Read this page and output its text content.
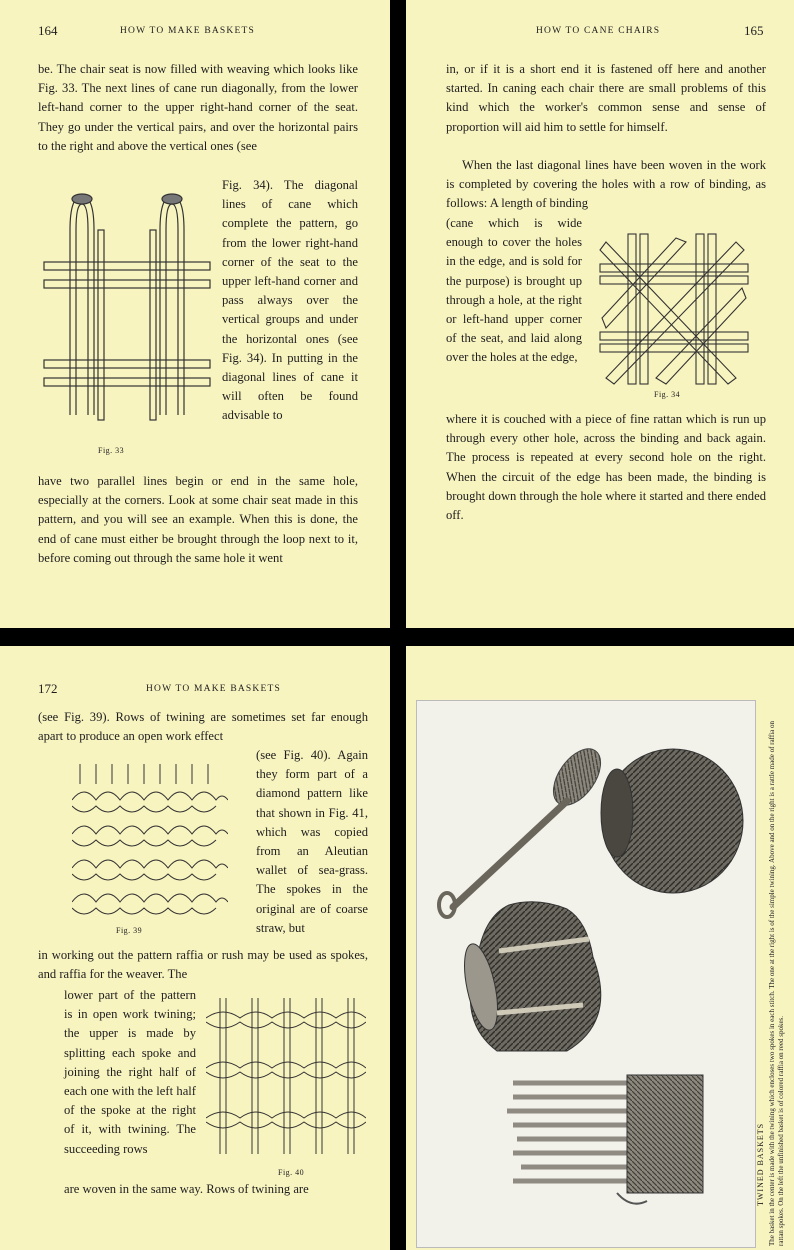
164	HOW TO MAKE BASKETS
be. The chair seat is now filled with weaving which looks like Fig. 33. The next lines of cane run diagonally, from the lower left-hand corner to the upper right-hand corner of the seat. They go under the vertical pairs, and over the horizontal pairs to the right and above the vertical ones (see
Fig. 34). The diagonal lines of cane which complete the pattern, go from the lower right-hand corner of the seat to the upper left-hand corner and pass always over the vertical groups and under the horizontal ones (see Fig. 34). In putting in the diagonal lines of cane it will often be found advisable to
have two parallel lines begin or end in the same hole, especially at the corners. Look at some chair seat made in this pattern, and you will see an example. When this is done, the end of cane must either be brought through the loop next to it, before coming out through the same hole it went
Fig. 33
HOW TO CANE CHAIRS	165
in, or if it is a short end it is fastened off here and another started. In caning each chair there are small problems of this kind which the worker's common sense and sense of proportion will aid him to settle for himself.
When the last diagonal lines have been woven in the work is completed by covering the holes with a row of binding, as follows: A length of binding
(cane which is wide enough to cover the holes in the edge, and is sold for the purpose) is brought up through a hole, at the right or left-hand upper corner of the seat, and laid along over the holes at the edge,
where it is couched with a piece of fine rattan which is run up through every other hole, across the binding and back again. The process is repeated at every second hole on the right. When the circuit of the edge has been made, the binding is brought down through the hole where it started and there ended off.
Fig. 34
172	HOW TO MAKE BASKETS
(see Fig. 39). Rows of twining are sometimes set far enough apart to produce an open work effect
(see Fig. 40). Again they form part of a diamond pattern like that shown in Fig. 41, which was copied from an Aleutian wallet of sea-grass. The spokes in the original are of coarse straw, but
in working out the pattern raffia or rush may be used as spokes, and raffia for the weaver. The
lower part of the pattern is in open work twining; the upper is made by splitting each spoke and joining the right half of each one with the left half of the spoke at the right of it, with twining. The succeeding rows
are woven in the same way. Rows of twining are
Fig. 39
Fig. 40	TWINED BASKETS The basket in the center is made with the twining which encloses two spokes in each stitch. The one at the right is of the simple twining. Above and on the right is a rattle made of raffia on rattan spokes. On the left the unfinished basket is of colored raffia on reed spokes.
